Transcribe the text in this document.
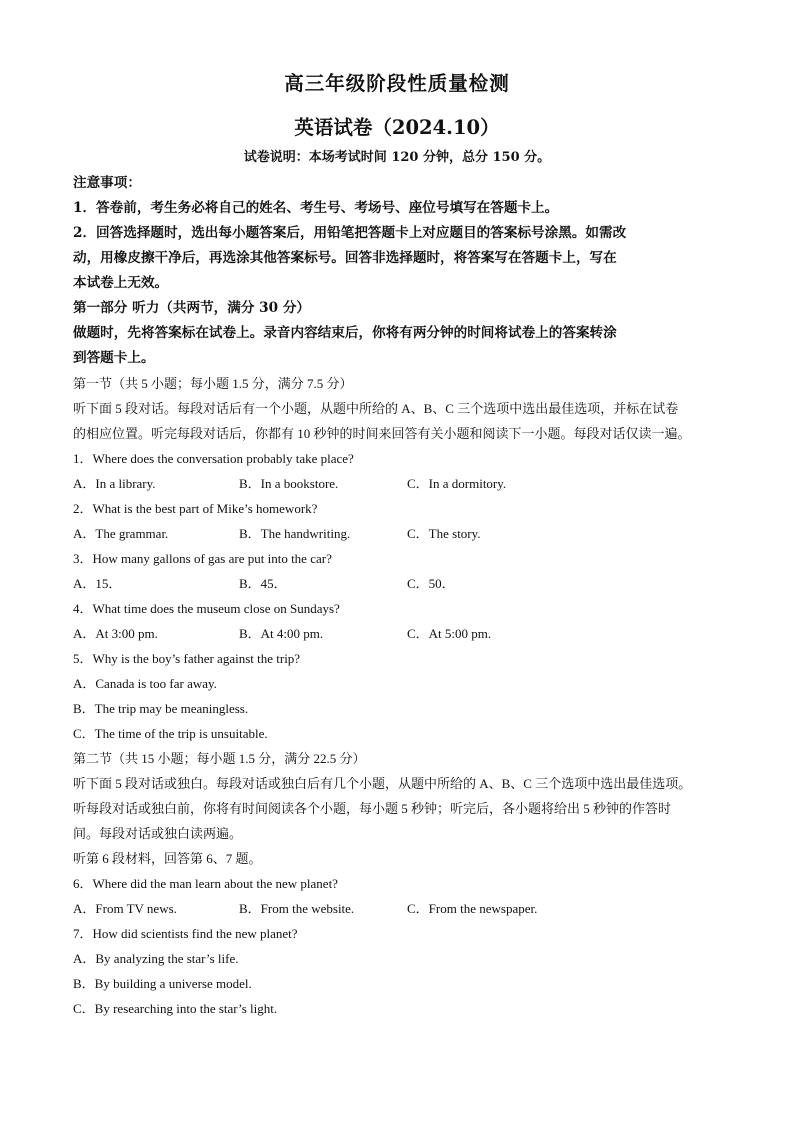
高三年级阶段性质量检测
英语试卷（2024.10）
试卷说明：本场考试时间 120 分钟，总分 150 分。
注意事项：
1．答卷前，考生务必将自己的姓名、考生号、考场号、座位号填写在答题卡上。
2．回答选择题时，选出每小题答案后，用铅笔把答题卡上对应题目的答案标号涂黑。如需改
动，用橡皮擦干净后，再选涂其他答案标号。回答非选择题时，将答案写在答题卡上，写在
本试卷上无效。
第一部分 听力（共两节，满分 30 分）
做题时，先将答案标在试卷上。录音内容结束后，你将有两分钟的时间将试卷上的答案转涂
到答题卡上。
第一节（共 5 小题；每小题 1.5 分，满分 7.5 分）
听下面 5 段对话。每段对话后有一个小题，从题中所给的 A、B、C 三个选项中选出最佳选项，并标在试卷
的相应位置。听完每段对话后，你都有 10 秒钟的时间来回答有关小题和阅读下一小题。每段对话仅读一遍。
1．Where does the conversation probably take place?
A．In a library.	B．In a bookstore.	C．In a dormitory.
2．What is the best part of Mike’s homework?
A．The grammar.	B．The handwriting.	C．The story.
3．How many gallons of gas are put into the car?
A．15．	B．45．	C．50．
4．What time does the museum close on Sundays?
A．At 3:00 pm.	B．At 4:00 pm.	C．At 5:00 pm.
5．Why is the boy’s father against the trip?
A．Canada is too far away.
B．The trip may be meaningless.
C．The time of the trip is unsuitable.
第二节（共 15 小题；每小题 1.5 分，满分 22.5 分）
听下面 5 段对话或独白。每段对话或独白后有几个小题，从题中所给的 A、B、C 三个选项中选出最佳选项。
听每段对话或独白前，你将有时间阅读各个小题，每小题 5 秒钟；听完后，各小题将给出 5 秒钟的作答时
间。每段对话或独白读两遍。
听第 6 段材料，回答第 6、7 题。
6．Where did the man learn about the new planet?
A．From TV news.	B．From the website.	C．From the newspaper.
7．How did scientists find the new planet?
A．By analyzing the star’s life.
B．By building a universe model.
C．By researching into the star’s light.
